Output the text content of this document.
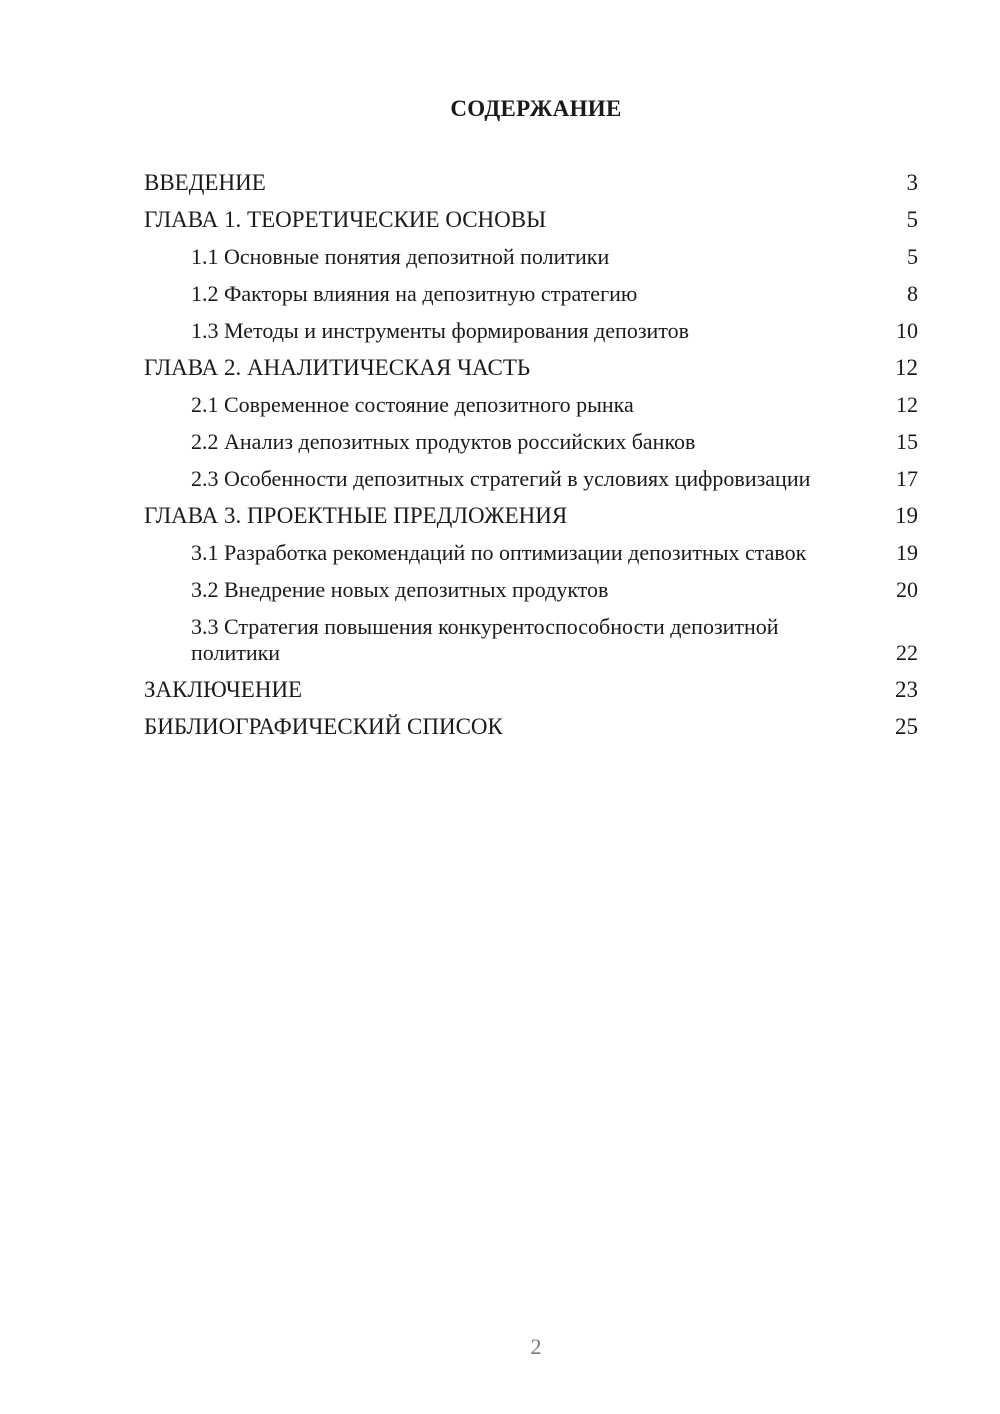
СОДЕРЖАНИЕ
ВВЕДЕНИЕ	3
ГЛАВА 1. ТЕОРЕТИЧЕСКИЕ ОСНОВЫ	5
1.1 Основные понятия депозитной политики	5
1.2 Факторы влияния на депозитную стратегию	8
1.3 Методы и инструменты формирования депозитов	10
ГЛАВА 2. АНАЛИТИЧЕСКАЯ ЧАСТЬ	12
2.1 Современное состояние депозитного рынка	12
2.2 Анализ депозитных продуктов российских банков	15
2.3 Особенности депозитных стратегий в условиях цифровизации	17
ГЛАВА 3. ПРОЕКТНЫЕ ПРЕДЛОЖЕНИЯ	19
3.1 Разработка рекомендаций по оптимизации депозитных ставок	19
3.2 Внедрение новых депозитных продуктов	20
3.3 Стратегия повышения конкурентоспособности депозитной политики	22
ЗАКЛЮЧЕНИЕ	23
БИБЛИОГРАФИЧЕСКИЙ СПИСОК	25
2
